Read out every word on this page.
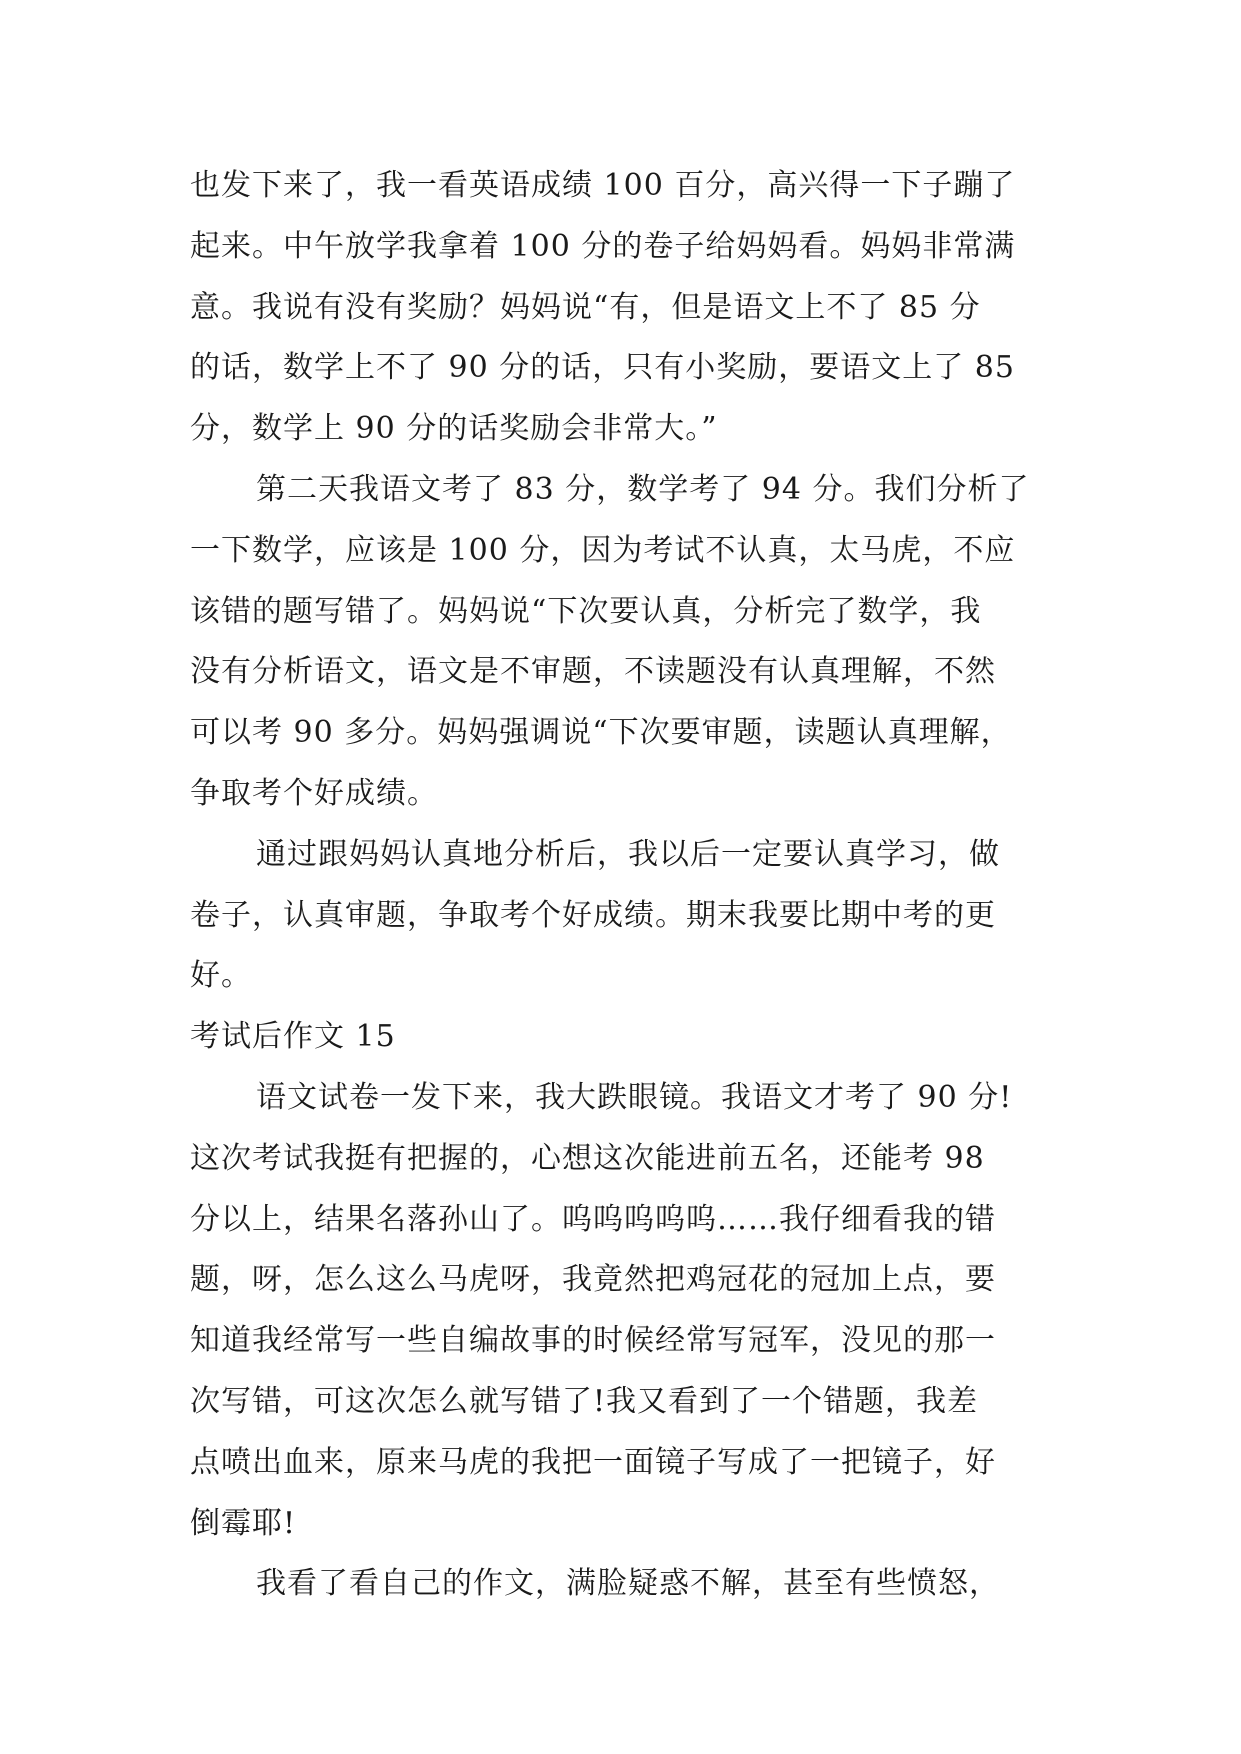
也发下来了，我一看英语成绩 100 百分，高兴得一下子蹦了
起来。中午放学我拿着 100 分的卷子给妈妈看。妈妈非常满
意。我说有没有奖励？妈妈说“有，但是语文上不了 85 分
的话，数学上不了 90 分的话，只有小奖励，要语文上了 85
分，数学上 90 分的话奖励会非常大。”
第二天我语文考了 83 分，数学考了 94 分。我们分析了
一下数学，应该是 100 分，因为考试不认真，太马虎，不应
该错的题写错了。妈妈说“下次要认真，分析完了数学，我
没有分析语文，语文是不审题，不读题没有认真理解，不然
可以考 90 多分。妈妈强调说“下次要审题，读题认真理解，
争取考个好成绩。
通过跟妈妈认真地分析后，我以后一定要认真学习，做
卷子，认真审题，争取考个好成绩。期末我要比期中考的更
好。
考试后作文 15
语文试卷一发下来，我大跌眼镜。我语文才考了 90 分!
这次考试我挺有把握的，心想这次能进前五名，还能考 98
分以上，结果名落孙山了。呜呜呜呜呜……我仔细看我的错
题，呀，怎么这么马虎呀，我竟然把鸡冠花的冠加上点，要
知道我经常写一些自编故事的时候经常写冠军，没见的那一
次写错，可这次怎么就写错了!我又看到了一个错题，我差
点喷出血来，原来马虎的我把一面镜子写成了一把镜子，好
倒霉耶!
我看了看自己的作文，满脸疑惑不解，甚至有些愤怒，
